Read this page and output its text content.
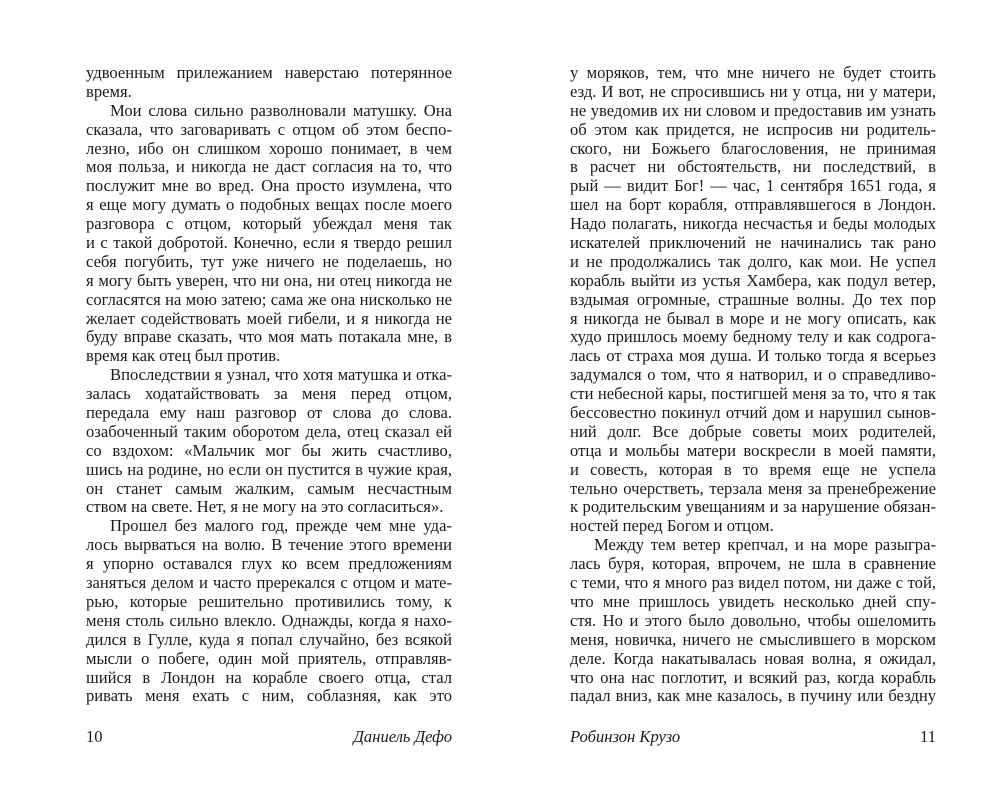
удвоенным прилежанием наверстаю потерянное
время.
Мои слова сильно разволновали матушку. Она
сказала, что заговаривать с отцом об этом беспо-
лезно, ибо он слишком хорошо понимает, в чем
моя польза, и никогда не даст согласия на то, что
послужит мне во вред. Она просто изумлена, что
я еще могу думать о подобных вещах после моего
разговора с отцом, который убеждал меня так
и с такой добротой. Конечно, если я твердо решил
себя погубить, тут уже ничего не поделаешь, но
я могу быть уверен, что ни она, ни отец никогда не
согласятся на мою затею; сама же она нисколько не
желает содействовать моей гибели, и я никогда не
буду вправе сказать, что моя мать потакала мне, в
время как отец был против.
Впоследствии я узнал, что хотя матушка и отка-
залась ходатайствовать за меня перед отцом,
передала ему наш разговор от слова до слова.
озабоченный таким оборотом дела, отец сказал ей
со вздохом: «Мальчик мог бы жить счастливо,
шись на родине, но если он пустится в чужие края,
он станет самым жалким, самым несчастным
ством на свете. Нет, я не могу на это согласиться».
Прошел без малого год, прежде чем мне уда-
лось вырваться на волю. В течение этого времени
я упорно оставался глух ко всем предложениям
заняться делом и часто пререкался с отцом и мате-
рью, которые решительно противились тому, к
меня столь сильно влекло. Однажды, когда я нахо-
дился в Гулле, куда я попал случайно, без всякой
мысли о побеге, один мой приятель, отправляв-
шийся в Лондон на корабле своего отца, стал
ривать меня ехать с ним, соблазняя, как это
у моряков, тем, что мне ничего не будет стоить
езд. И вот, не спросившись ни у отца, ни у матери,
не уведомив их ни словом и предоставив им узнать
об этом как придется, не испросив ни родитель-
ского, ни Божьего благословения, не принимая
в расчет ни обстоятельств, ни последствий, в
рый — видит Бог! — час, 1 сентября 1651 года, я
шел на борт корабля, отправлявшегося в Лондон.
Надо полагать, никогда несчастья и беды молодых
искателей приключений не начинались так рано
и не продолжались так долго, как мои. Не успел
корабль выйти из устья Хамбера, как подул ветер,
вздымая огромные, страшные волны. До тех пор
я никогда не бывал в море и не могу описать, как
худо пришлось моему бедному телу и как содрога-
лась от страха моя душа. И только тогда я всерьез
задумался о том, что я натворил, и о справедливо-
сти небесной кары, постигшей меня за то, что я так
бессовестно покинул отчий дом и нарушил сынов-
ний долг. Все добрые советы моих родителей,
отца и мольбы матери воскресли в моей памяти,
и совесть, которая в то время еще не успела
тельно очерстветь, терзала меня за пренебрежение
к родительским увещаниям и за нарушение обязан-
ностей перед Богом и отцом.
Между тем ветер крепчал, и на море разыгра-
лась буря, которая, впрочем, не шла в сравнение
с теми, что я много раз видел потом, ни даже с той,
что мне пришлось увидеть несколько дней спу-
стя. Но и этого было довольно, чтобы ошеломить
меня, новичка, ничего не смыслившего в морском
деле. Когда накатывалась новая волна, я ожидал,
что она нас поглотит, и всякий раз, когда корабль
падал вниз, как мне казалось, в пучину или бездну
10	Даниель Дефо	Робинзон Крузо	11
